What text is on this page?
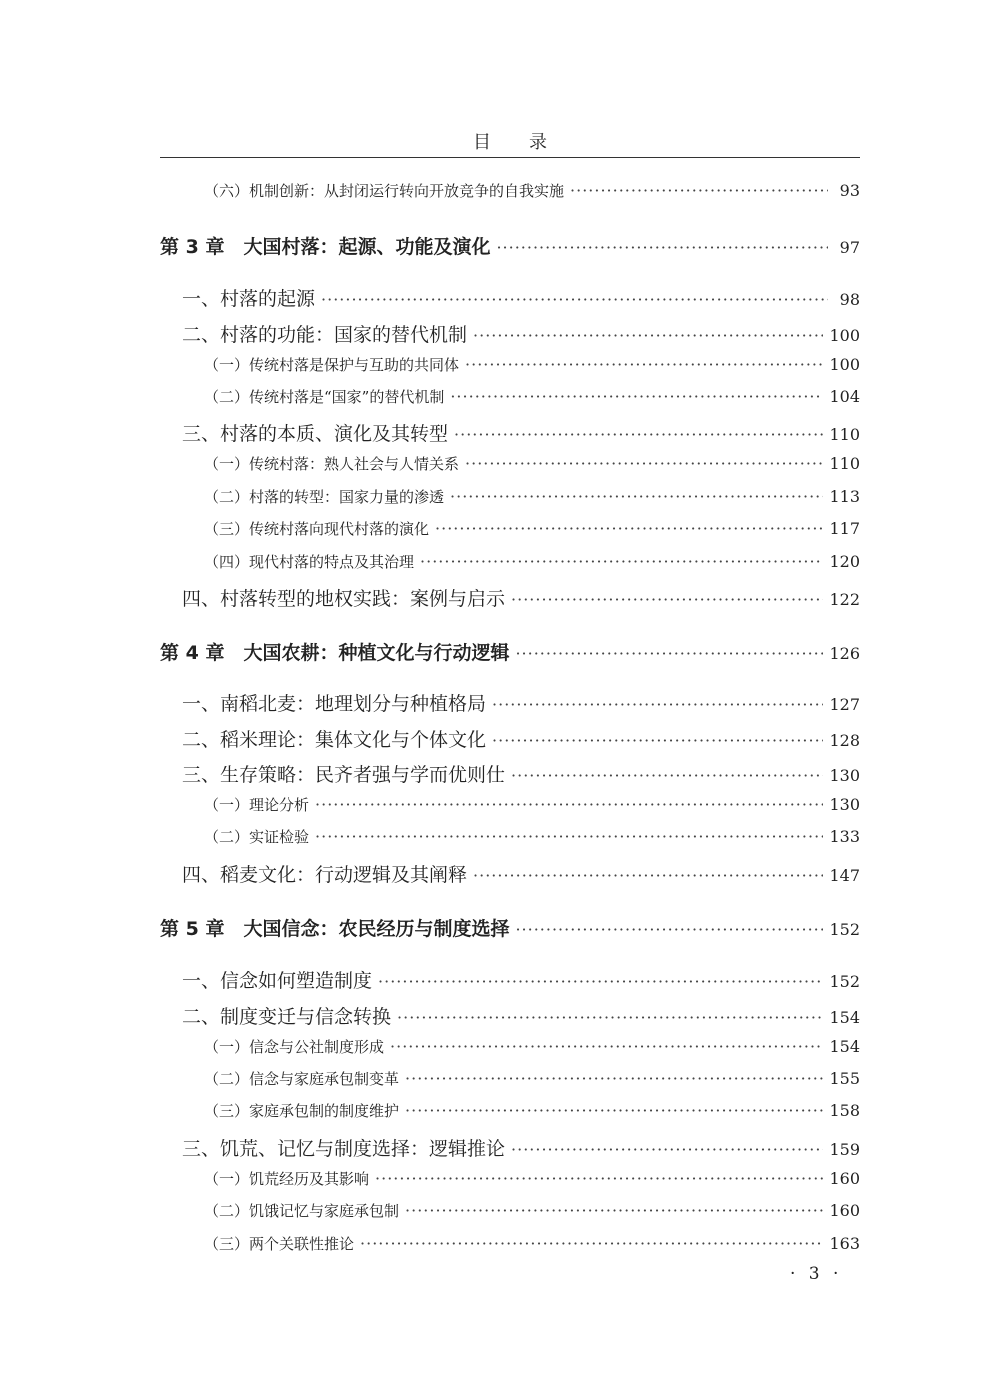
目录
（六）机制创新：从封闭运行转向开放竞争的自我实施 ·····	93
第 3 章　大国村落：起源、功能及演化 ·····	97
一、村落的起源 ·····	98
二、村落的功能：国家的替代机制 ·····	100
（一）传统村落是保护与互助的共同体 ·····	100
（二）传统村落是“国家”的替代机制 ·····	104
三、村落的本质、演化及其转型 ·····	110
（一）传统村落：熟人社会与人情关系 ·····	110
（二）村落的转型：国家力量的渗透 ·····	113
（三）传统村落向现代村落的演化 ·····	117
（四）现代村落的特点及其治理 ·····	120
四、村落转型的地权实践：案例与启示 ·····	122
第 4 章　大国农耕：种植文化与行动逻辑 ·····	126
一、南稻北麦：地理划分与种植格局 ·····	127
二、稻米理论：集体文化与个体文化 ·····	128
三、生存策略：民齐者强与学而优则仕 ·····	130
（一）理论分析 ·····	130
（二）实证检验 ·····	133
四、稻麦文化：行动逻辑及其阐释 ·····	147
第 5 章　大国信念：农民经历与制度选择 ·····	152
一、信念如何塑造制度 ·····	152
二、制度变迁与信念转换 ·····	154
（一）信念与公社制度形成 ·····	154
（二）信念与家庭承包制变革 ·····	155
（三）家庭承包制的制度维护 ·····	158
三、饥荒、记忆与制度选择：逻辑推论 ·····	159
（一）饥荒经历及其影响 ·····	160
（二）饥饿记忆与家庭承包制 ·····	160
（三）两个关联性推论 ·····	163
· 3 ·
